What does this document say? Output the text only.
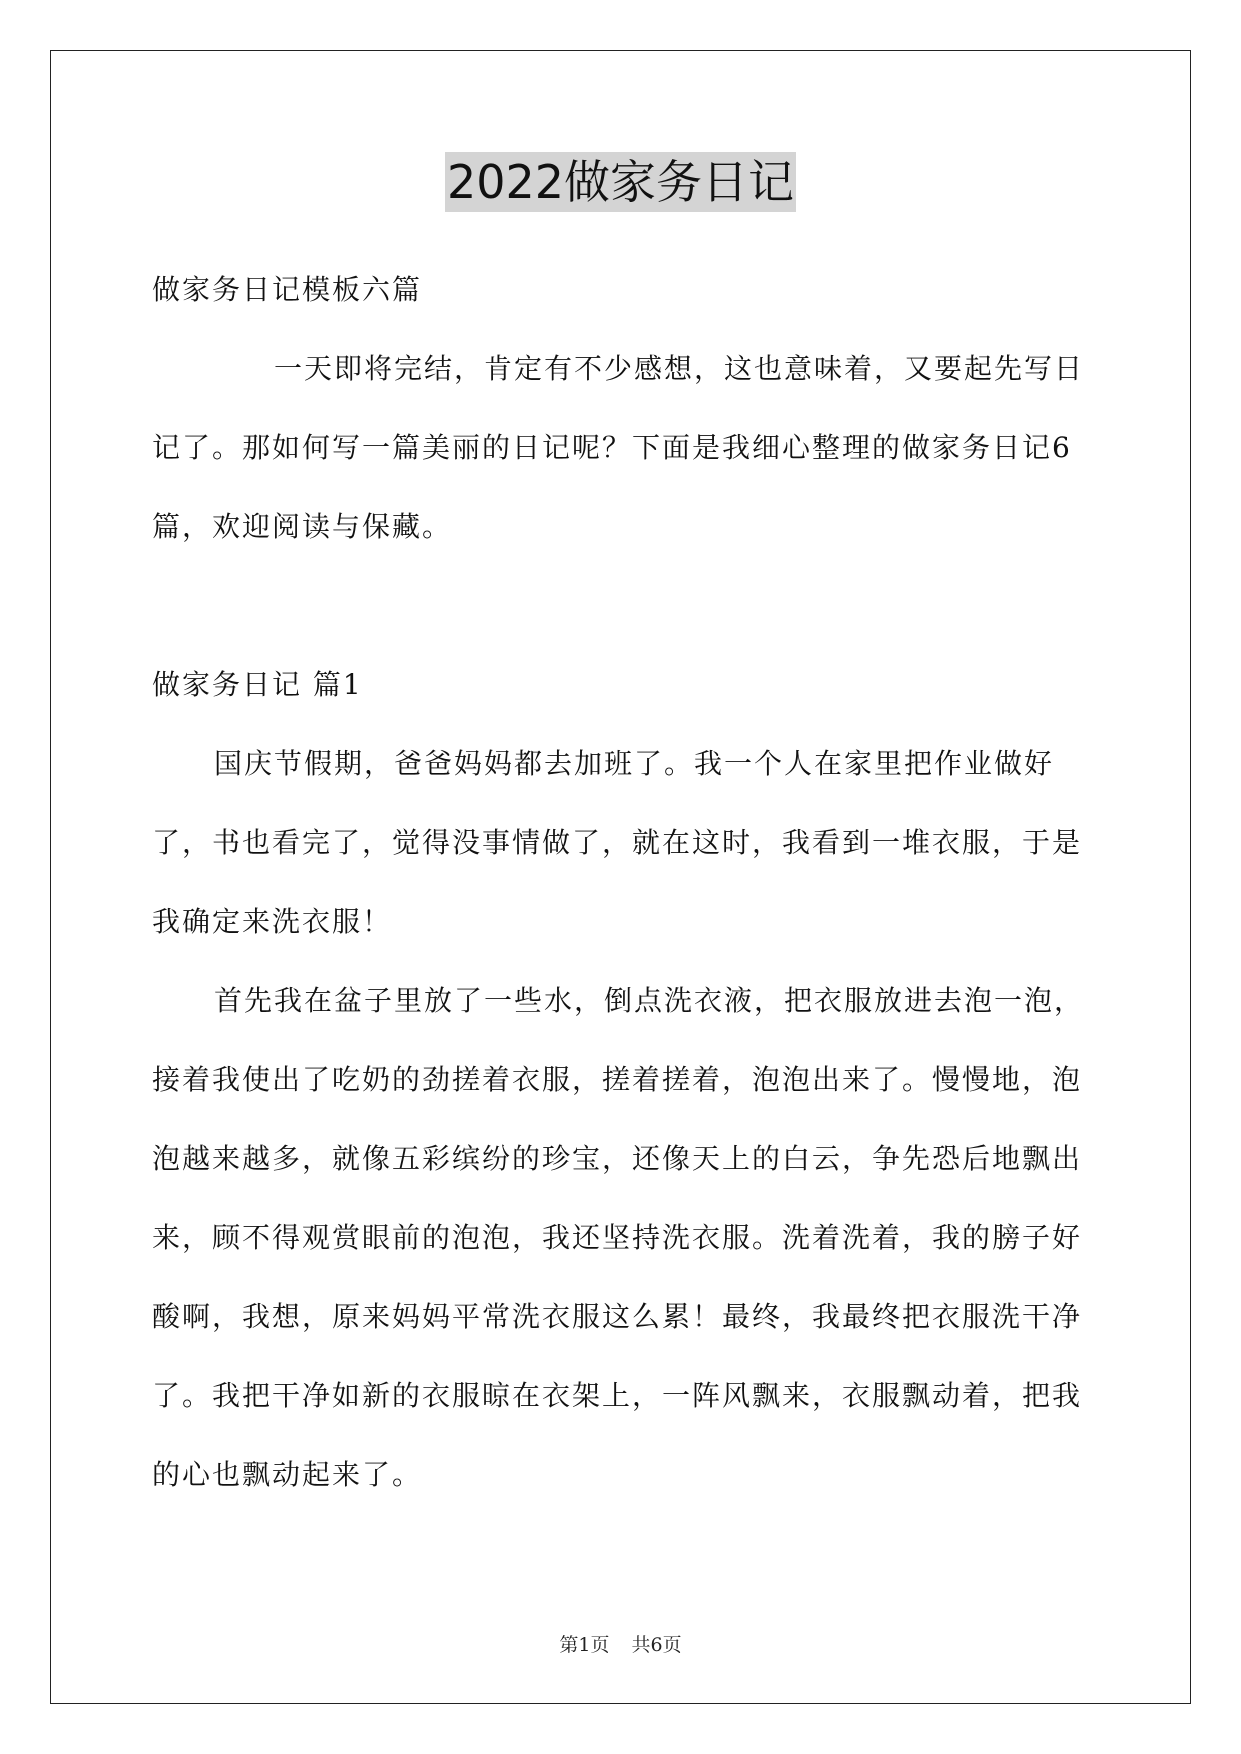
2022做家务日记

做家务日记模板六篇

一天即将完结，肯定有不少感想，这也意味着，又要起先写日记了。那如何写一篇美丽的日记呢？下面是我细心整理的做家务日记6篇，欢迎阅读与保藏。

做家务日记 篇1

国庆节假期，爸爸妈妈都去加班了。我一个人在家里把作业做好了，书也看完了，觉得没事情做了，就在这时，我看到一堆衣服，于是我确定来洗衣服！

首先我在盆子里放了一些水，倒点洗衣液，把衣服放进去泡一泡，接着我使出了吃奶的劲搓着衣服，搓着搓着，泡泡出来了。慢慢地，泡泡越来越多，就像五彩缤纷的珍宝，还像天上的白云，争先恐后地飘出来，顾不得观赏眼前的泡泡，我还坚持洗衣服。洗着洗着，我的膀子好酸啊，我想，原来妈妈平常洗衣服这么累！最终，我最终把衣服洗干净了。我把干净如新的衣服晾在衣架上，一阵风飘来，衣服飘动着，把我的心也飘动起来了。

第1页 共6页
